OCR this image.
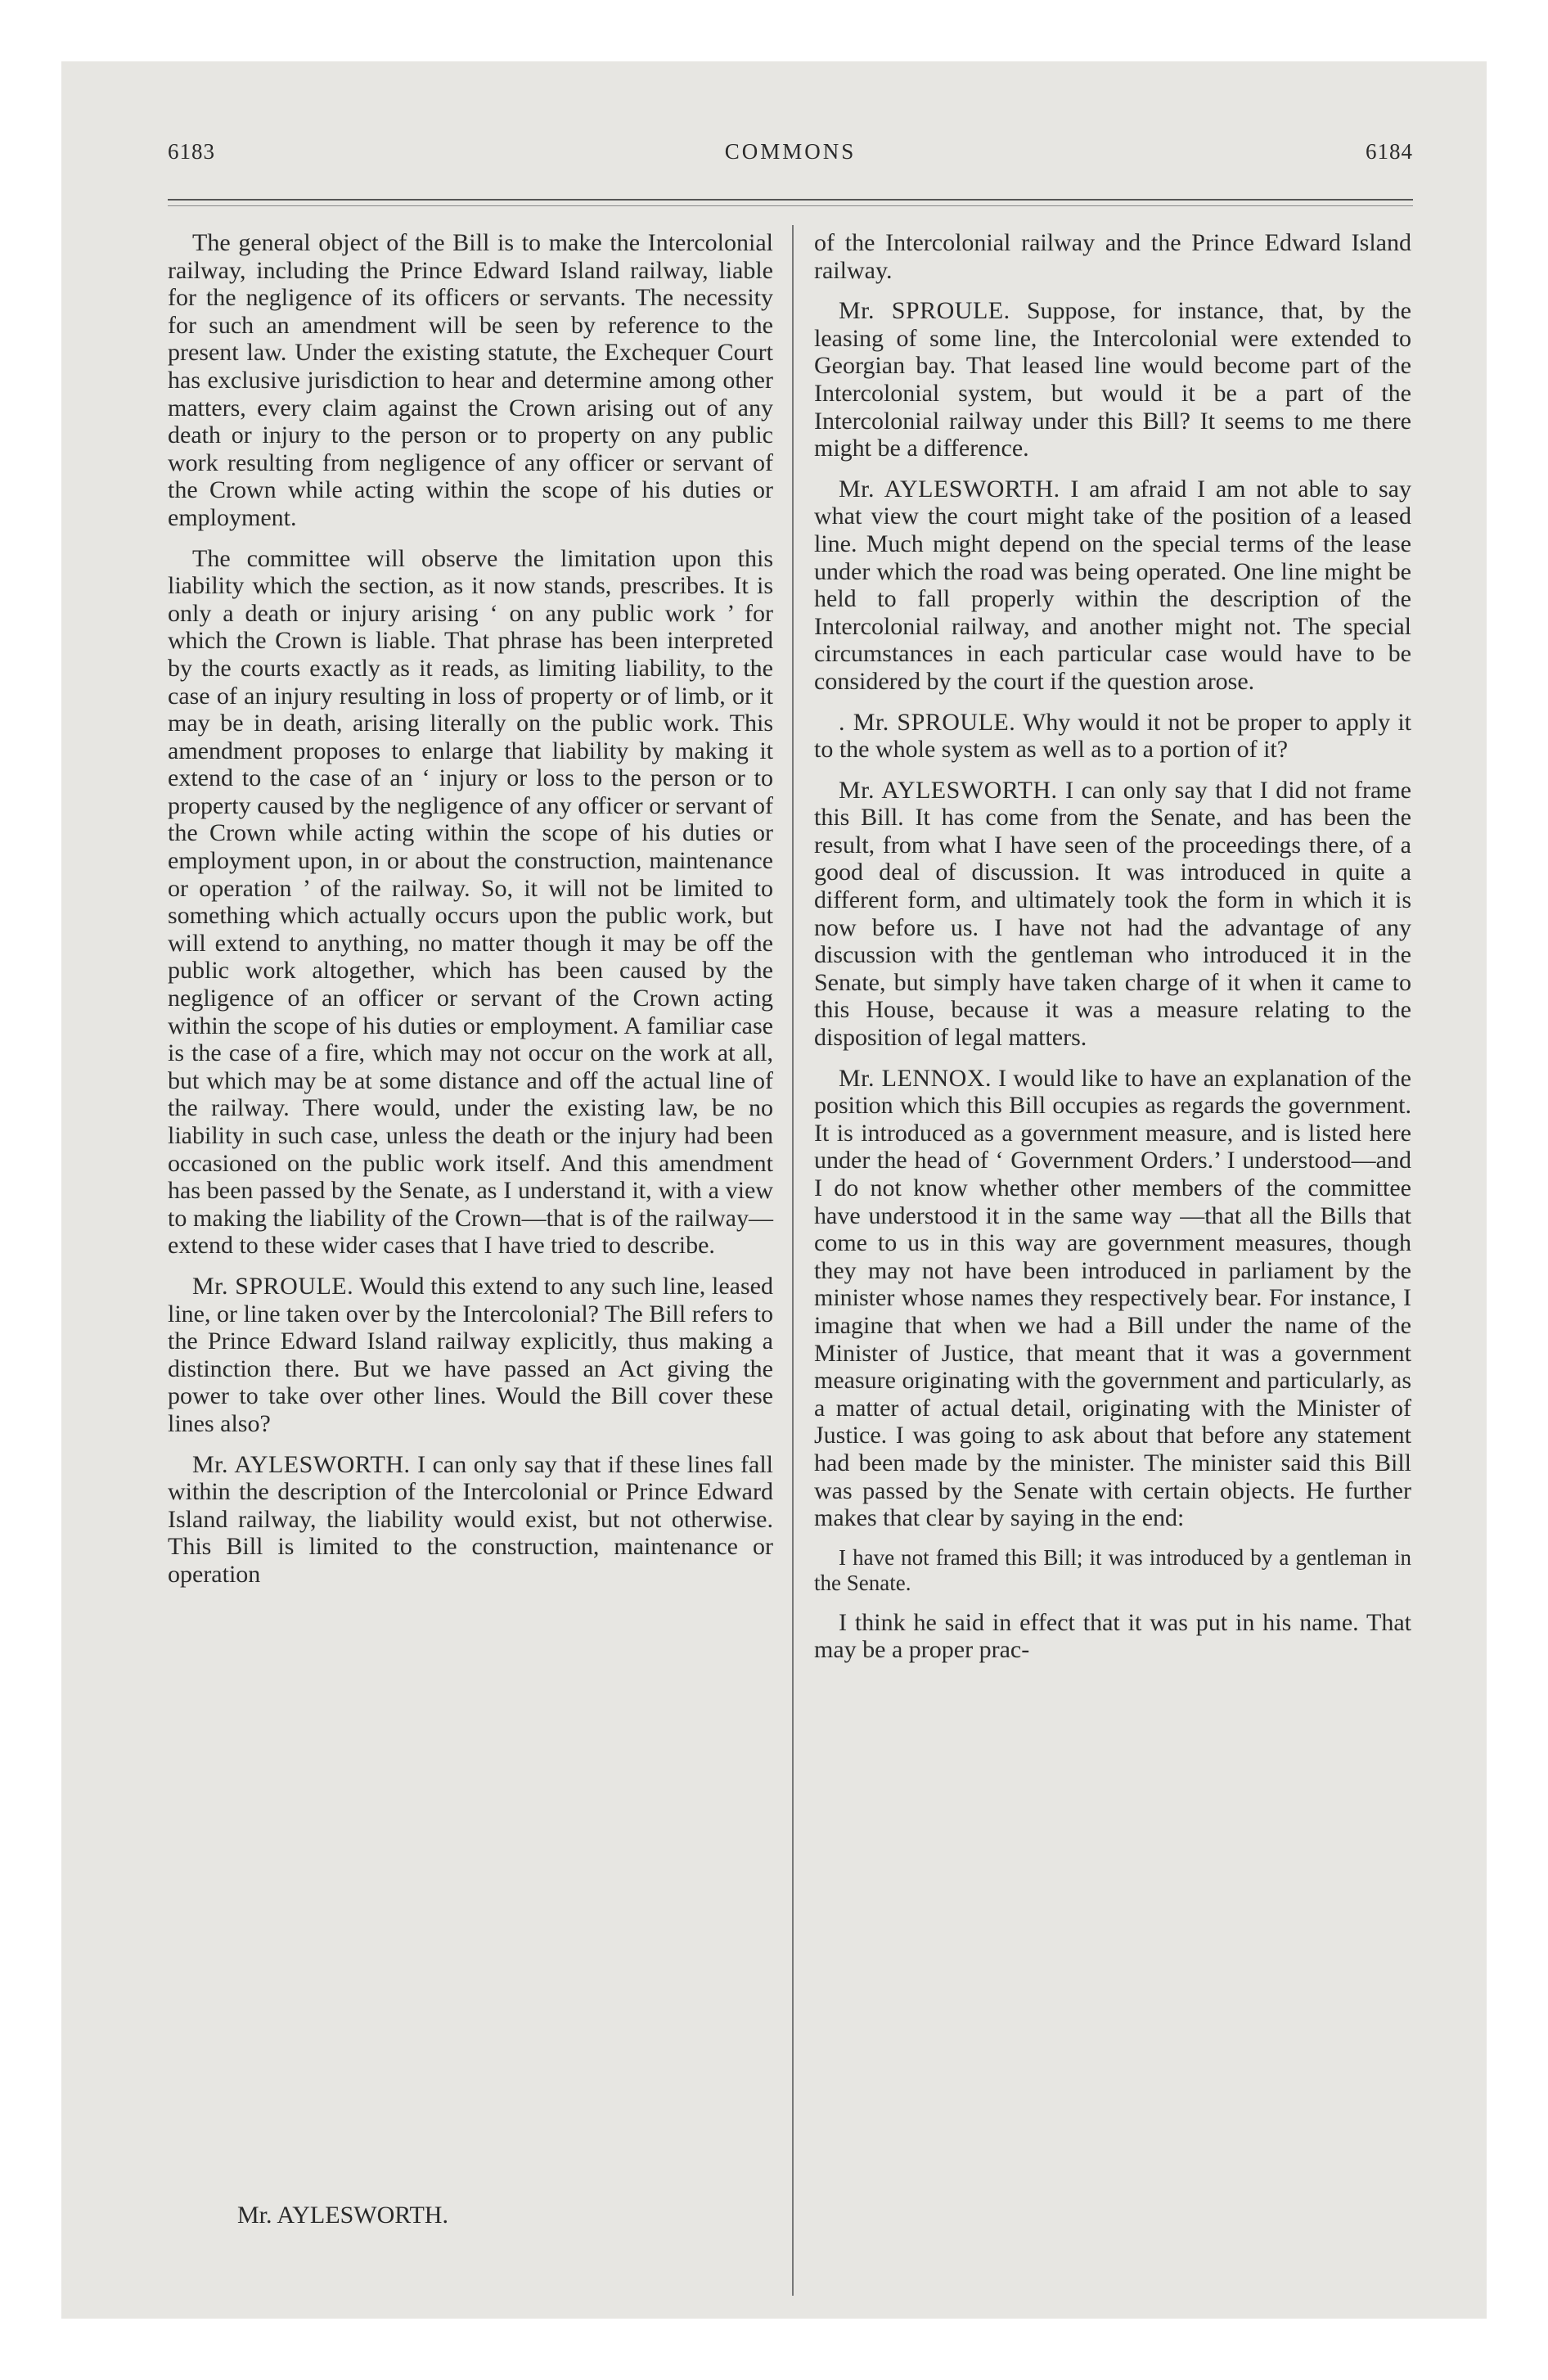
6183	COMMONS	6184

The general object of the Bill is to make the Intercolonial railway, including the Prince Edward Island railway, liable for the negligence of its officers or servants. The necessity for such an amendment will be seen by reference to the present law. Under the existing statute, the Exchequer Court has exclusive jurisdiction to hear and determine among other matters, every claim against the Crown arising out of any death or injury to the person or to property on any public work resulting from negligence of any officer or servant of the Crown while acting within the scope of his duties or employment.

The committee will observe the limitation upon this liability which the section, as it now stands, prescribes. It is only a death or injury arising ‘ on any public work ’ for which the Crown is liable. That phrase has been interpreted by the courts exactly as it reads, as limiting liability, to the case of an injury resulting in loss of property or of limb, or it may be in death, arising literally on the public work. This amendment proposes to enlarge that liability by making it extend to the case of an ‘ injury or loss to the person or to property caused by the negligence of any officer or servant of the Crown while acting within the scope of his duties or employment upon, in or about the construction, maintenance or operation ’ of the railway. So, it will not be limited to something which actually occurs upon the public work, but will extend to anything, no matter though it may be off the public work altogether, which has been caused by the negligence of an officer or servant of the Crown acting within the scope of his duties or employment. A familiar case is the case of a fire, which may not occur on the work at all, but which may be at some distance and off the actual line of the railway. There would, under the existing law, be no liability in such case, unless the death or the injury had been occasioned on the public work itself. And this amendment has been passed by the Senate, as I understand it, with a view to making the liability of the Crown—that is of the railway—extend to these wider cases that I have tried to describe.

Mr. SPROULE. Would this extend to any such line, leased line, or line taken over by the Intercolonial? The Bill refers to the Prince Edward Island railway explicitly, thus making a distinction there. But we have passed an Act giving the power to take over other lines. Would the Bill cover these lines also?

Mr. AYLESWORTH. I can only say that if these lines fall within the description of the Intercolonial or Prince Edward Island railway, the liability would exist, but not otherwise. This Bill is limited to the construction, maintenance or operation

of the Intercolonial railway and the Prince Edward Island railway.

Mr. SPROULE. Suppose, for instance, that, by the leasing of some line, the Intercolonial were extended to Georgian bay. That leased line would become part of the Intercolonial system, but would it be a part of the Intercolonial railway under this Bill? It seems to me there might be a difference.

Mr. AYLESWORTH. I am afraid I am not able to say what view the court might take of the position of a leased line. Much might depend on the special terms of the lease under which the road was being operated. One line might be held to fall properly within the description of the Intercolonial railway, and another might not. The special circumstances in each particular case would have to be considered by the court if the question arose.

. Mr. SPROULE. Why would it not be proper to apply it to the whole system as well as to a portion of it?

Mr. AYLESWORTH. I can only say that I did not frame this Bill. It has come from the Senate, and has been the result, from what I have seen of the proceedings there, of a good deal of discussion. It was introduced in quite a different form, and ultimately took the form in which it is now before us. I have not had the advantage of any discussion with the gentleman who introduced it in the Senate, but simply have taken charge of it when it came to this House, because it was a measure relating to the disposition of legal matters.

Mr. LENNOX. I would like to have an explanation of the position which this Bill occupies as regards the government. It is introduced as a government measure, and is listed here under the head of ‘ Government Orders.’ I understood—and I do not know whether other members of the committee have understood it in the same way —that all the Bills that come to us in this way are government measures, though they may not have been introduced in parliament by the minister whose names they respectively bear. For instance, I imagine that when we had a Bill under the name of the Minister of Justice, that meant that it was a government measure originating with the government and particularly, as a matter of actual detail, originating with the Minister of Justice. I was going to ask about that before any statement had been made by the minister. The minister said this Bill was passed by the Senate with certain objects. He further makes that clear by saying in the end:

I have not framed this Bill; it was introduced by a gentleman in the Senate.

I think he said in effect that it was put in his name. That may be a proper prac-

Mr. AYLESWORTH.
